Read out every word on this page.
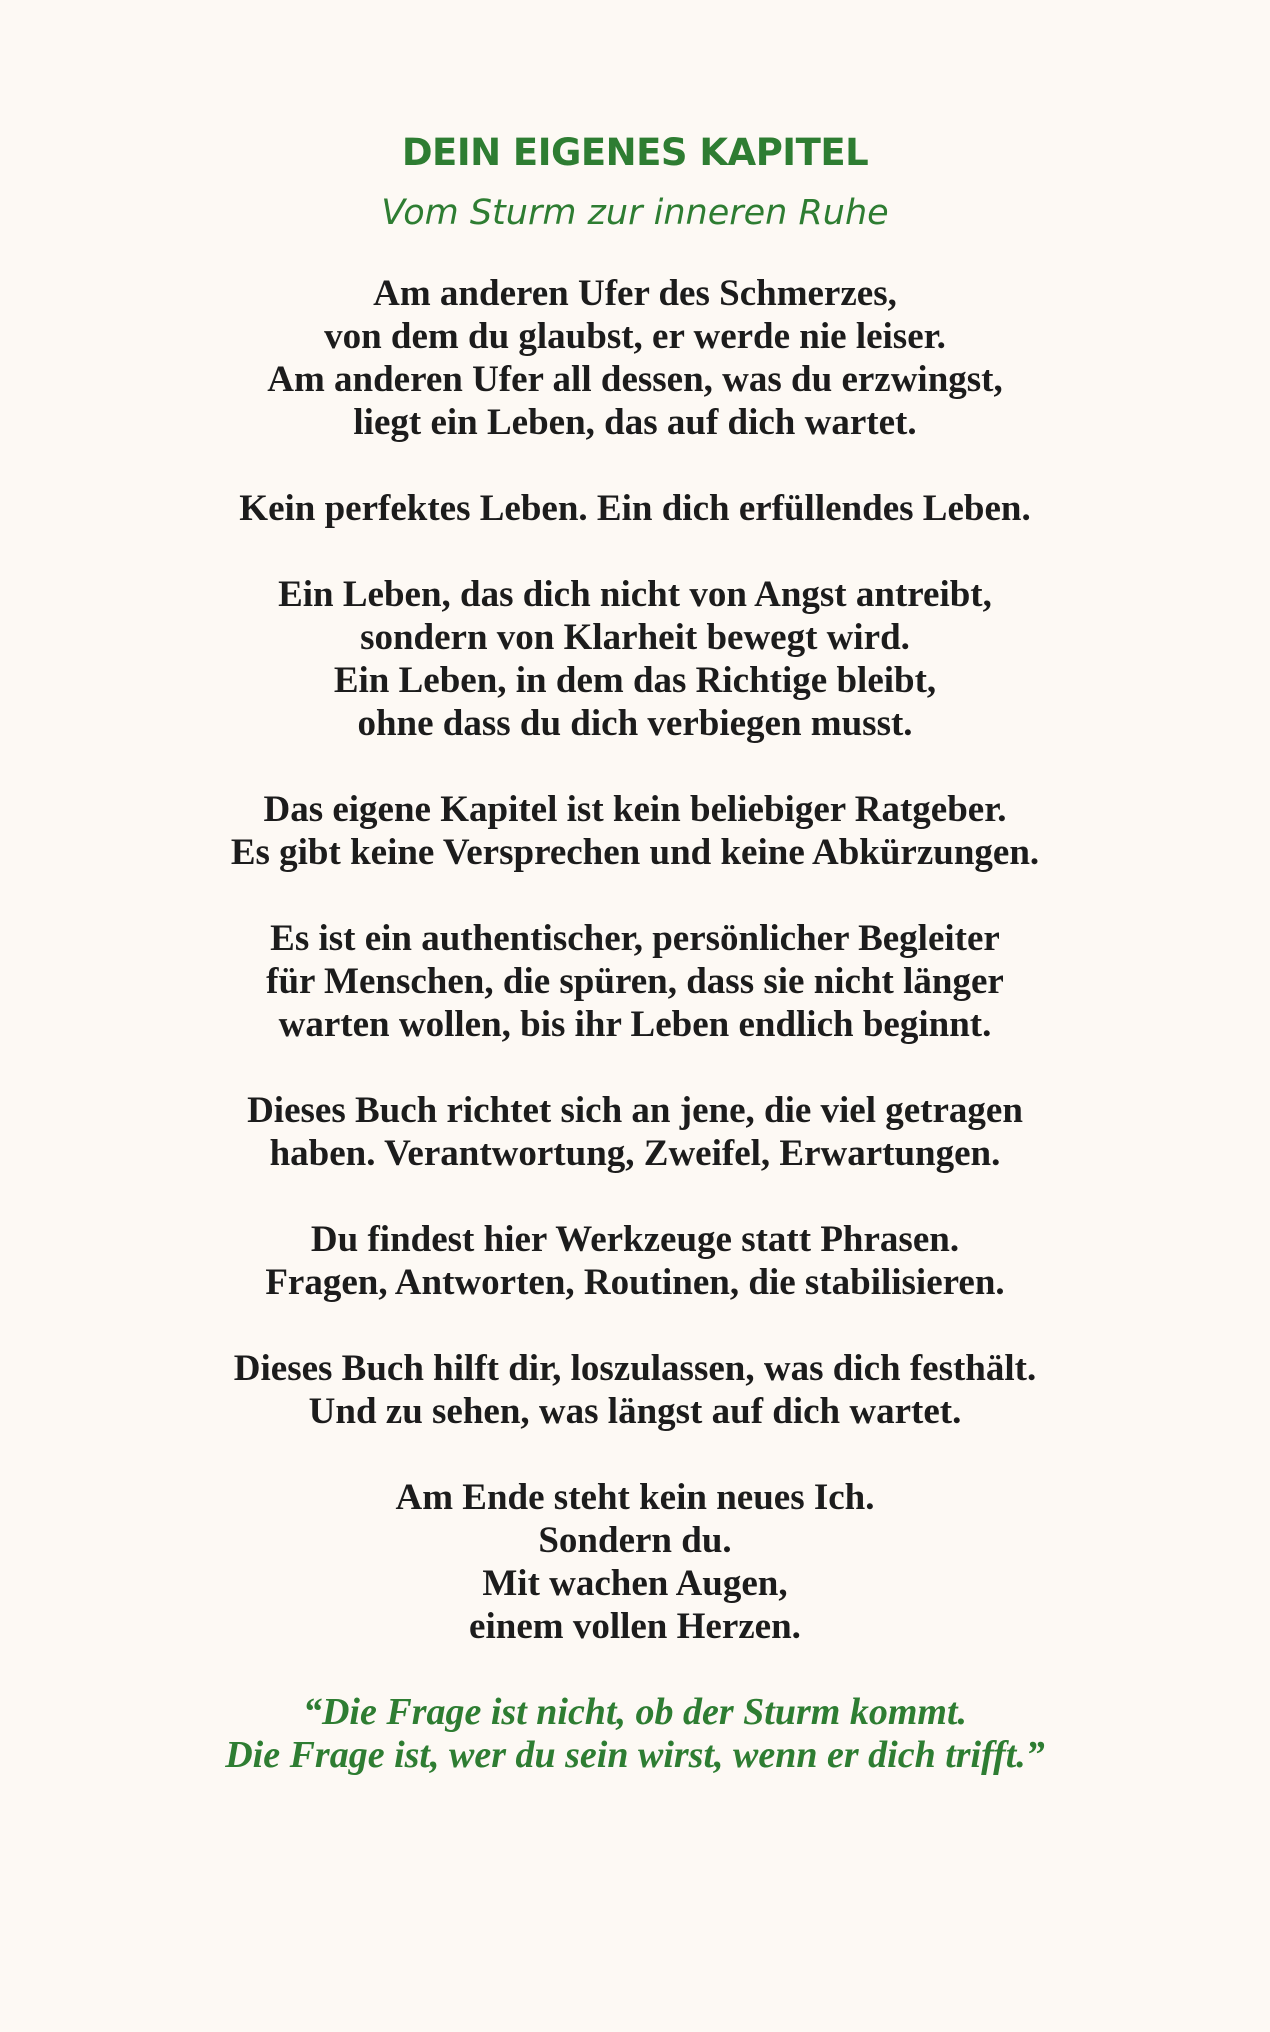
DEIN EIGENES KAPITEL

Vom Sturm zur inneren Ruhe

Am anderen Ufer des Schmerzes,
von dem du glaubst, er werde nie leiser.
Am anderen Ufer all dessen, was du erzwingst,
liegt ein Leben, das auf dich wartet.

Kein perfektes Leben. Ein dich erfüllendes Leben.

Ein Leben, das dich nicht von Angst antreibt,
sondern von Klarheit bewegt wird.
Ein Leben, in dem das Richtige bleibt,
ohne dass du dich verbiegen musst.

Das eigene Kapitel ist kein beliebiger Ratgeber.
Es gibt keine Versprechen und keine Abkürzungen.

Es ist ein authentischer, persönlicher Begleiter
für Menschen, die spüren, dass sie nicht länger
warten wollen, bis ihr Leben endlich beginnt.

Dieses Buch richtet sich an jene, die viel getragen
haben. Verantwortung, Zweifel, Erwartungen.

Du findest hier Werkzeuge statt Phrasen.
Fragen, Antworten, Routinen, die stabilisieren.

Dieses Buch hilft dir, loszulassen, was dich festhält.
Und zu sehen, was längst auf dich wartet.

Am Ende steht kein neues Ich.
Sondern du.
Mit wachen Augen,
einem vollen Herzen.

“Die Frage ist nicht, ob der Sturm kommt.
Die Frage ist, wer du sein wirst, wenn er dich trifft.”
